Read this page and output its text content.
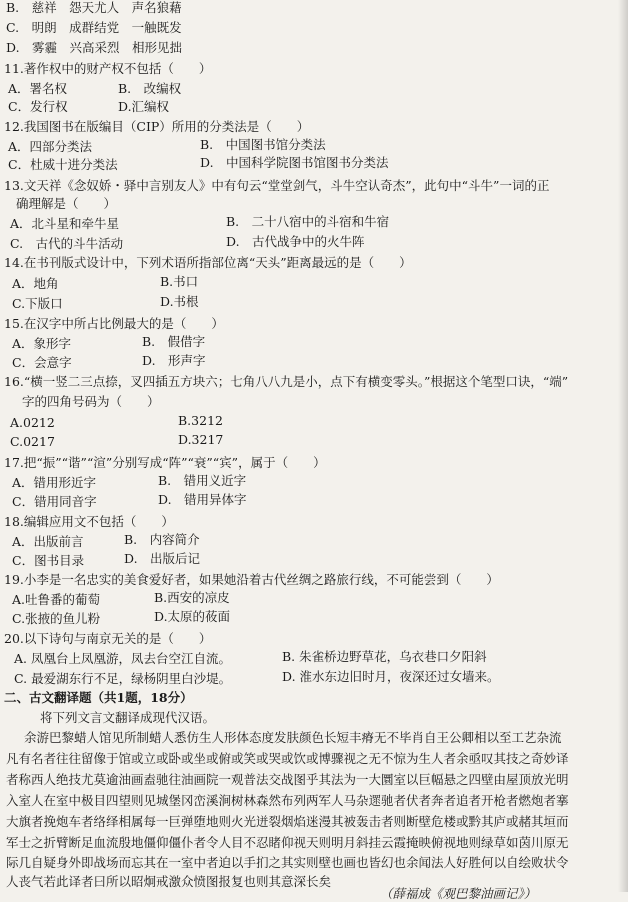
B.　慈祥　怨天尤人　声名狼藉
C.　明朗　成群结党　一触既发
D.　雾霾　兴高采烈　相形见拙
11.著作权中的财产权不包括（　　）
A．署名权	B.　改编权
C．发行权	D.汇编权
12.我国图书在版编目（CIP）所用的分类法是（　　）
A．四部分类法	B.　中国图书馆分类法
C．杜威十进分类法	D.　中国科学院图书馆图书分类法
13.文天祥《念奴娇・驿中言别友人》中有句云“堂堂剑气，斗牛空认奇杰”，此句中“斗牛”一词的正
确理解是（　　）
A．北斗星和牵牛星	B.　二十八宿中的斗宿和牛宿
C.　古代的斗牛活动	D.　古代战争中的火牛阵
14.在书刊版式设计中，下列术语所指部位离“天头”距离最远的是（　　）
A．地角	B.书口
C.下版口	D.书根
15.在汉字中所占比例最大的是（　　）
A．象形字	B.　假借字
C．会意字	D.　形声字
16.“横一竖二三点捺，叉四插五方块六；七角八八九是小，点下有横变零头。”根据这个笔型口诀，“端”
字的四角号码为（　　）
A.0212	B.3212
C.0217	D.3217
17.把“振”“谐”“渲”分别写成“阵”“衰”“宾”，属于（　　）
A．错用形近字	B.　错用义近字
C．错用同音字	D.　错用异体字
18.编辑应用文不包括（　　）
A．出版前言	B.　内容简介
C．图书目录	D.　出版后记
19.小李是一名忠实的美食爱好者，如果她沿着古代丝绸之路旅行线，不可能尝到（　　）
A.吐鲁番的葡萄	B.西安的凉皮
C.张掖的鱼儿粉	D.太原的莜面
20.以下诗句与南京无关的是（　　）
A. 凤凰台上凤凰游，凤去台空江自流。	B. 朱雀桥边野草花，乌衣巷口夕阳斜
C. 最爱湖东行不足，绿杨阴里白沙堤。	D. 淮水东边旧时月，夜深还过女墙来。
二、古文翻译题（共1题，18分）
将下列文言文翻译成现代汉语。
余游巴黎蜡人馆见所制蜡人悉仿生人形体态度发肤颜色长短丰瘠无不毕肖自王公卿相以至工艺杂流
凡有名者往往留像于馆或立或卧或坐或俯或笑或哭或饮或博骤视之无不惊为生人者余亟叹其技之奇妙译
者称西人绝技尤莫逾油画盍驰往油画院一观普法交战图乎其法为一大圜室以巨幅悬之四壁由屋顶放光明
入室人在室中极目四望则见城堡冈峦溪涧树林森然布列两军人马杂遝驰者伏者奔者追者开枪者燃炮者搴
大旗者挽炮车者络绎相属每一巨弹堕地则火光迸裂烟焰迷漫其被轰击者则断壁危楼或黔其庐或赭其垣而
军士之折臂断足血流殷地僵仰僵仆者令人目不忍睹仰视天则明月斜挂云霞掩映俯视地则绿草如茵川原无
际几自疑身外即战场而忘其在一室中者迫以手扪之其实则壁也画也皆幻也余闻法人好胜何以自绘败状令
人丧气若此译者曰所以昭炯戒激众愤图报复也则其意深长矣
（薛福成《观巴黎油画记》）
